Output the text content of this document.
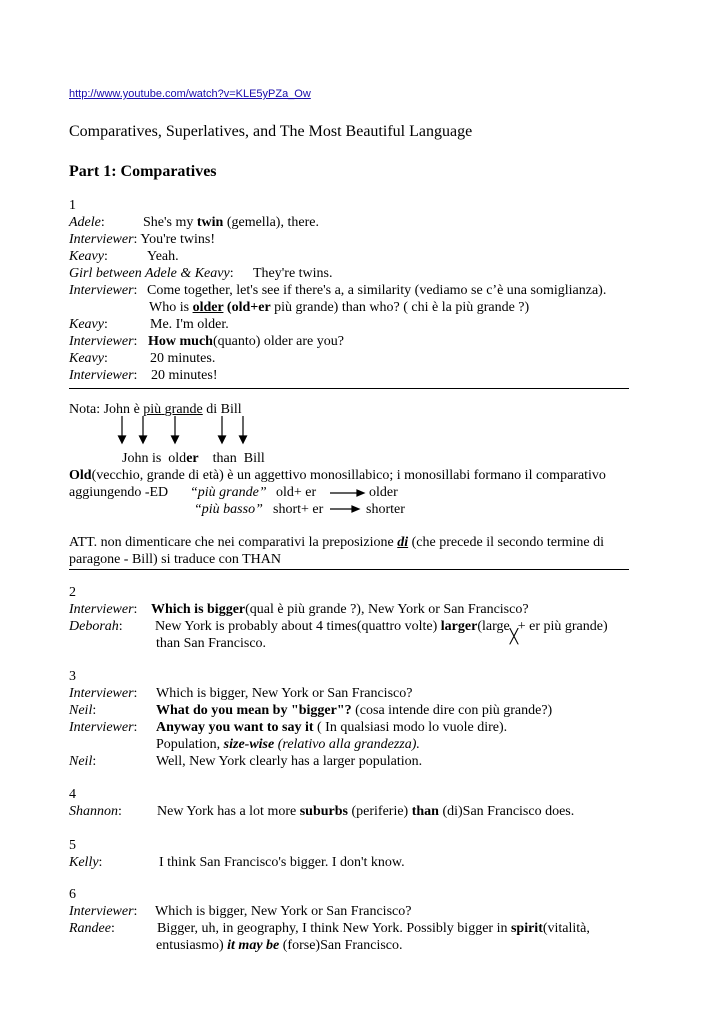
http://www.youtube.com/watch?v=KLE5yPZa_Ow
Comparatives, Superlatives, and The Most Beautiful Language
Part 1: Comparatives
1
Adele:	She's my twin (gemella), there.
Interviewer: You're twins!
Keavy:	Yeah.
Girl between Adele & Keavy: They're twins.
Interviewer: Come together, let's see if there's a, a similarity (vediamo se c’è una somiglianza).
Who is older (old+er più grande) than who? ( chi è la più grande ?)
Keavy:	Me. I'm older.
Interviewer: How much(quanto) older are you?
Keavy:	20 minutes.
Interviewer: 20 minutes!
Nota: John è più grande di Bill
John is older than Bill
Old(vecchio, grande di età) è un aggettivo monosillabico; i monosillabi formano il comparativo
aggiungendo -ED “più grande” old+ er	older
“più basso” short+ er	shorter
ATT. non dimenticare che nei comparativi la preposizione di (che precede il secondo termine di
paragone - Bill) si traduce con THAN
2
Interviewer: Which is bigger(qual è più grande ?), New York or San Francisco?
Deborah: New York is probably about 4 times(quattro volte) larger(large
╳
+ er più grande)
than San Francisco.
3
Interviewer: Which is bigger, New York or San Francisco?
Neil:	What do you mean by "bigger"? (cosa intende dire con più grande?)
Interviewer: Anyway you want to say it ( In qualsiasi modo lo vuole dire).
Population, size-wise (relativo alla grandezza).
Neil:	Well, New York clearly has a larger population.
4
Shannon:	New York has a lot more suburbs (periferie) than (di)San Francisco does.
5
Kelly:	I think San Francisco's bigger. I don't know.
6
Interviewer: Which is bigger, New York or San Francisco?
Randee:	Bigger, uh, in geography, I think New York. Possibly bigger in spirit(vitalità,
entusiasmo) it may be (forse)San Francisco.
